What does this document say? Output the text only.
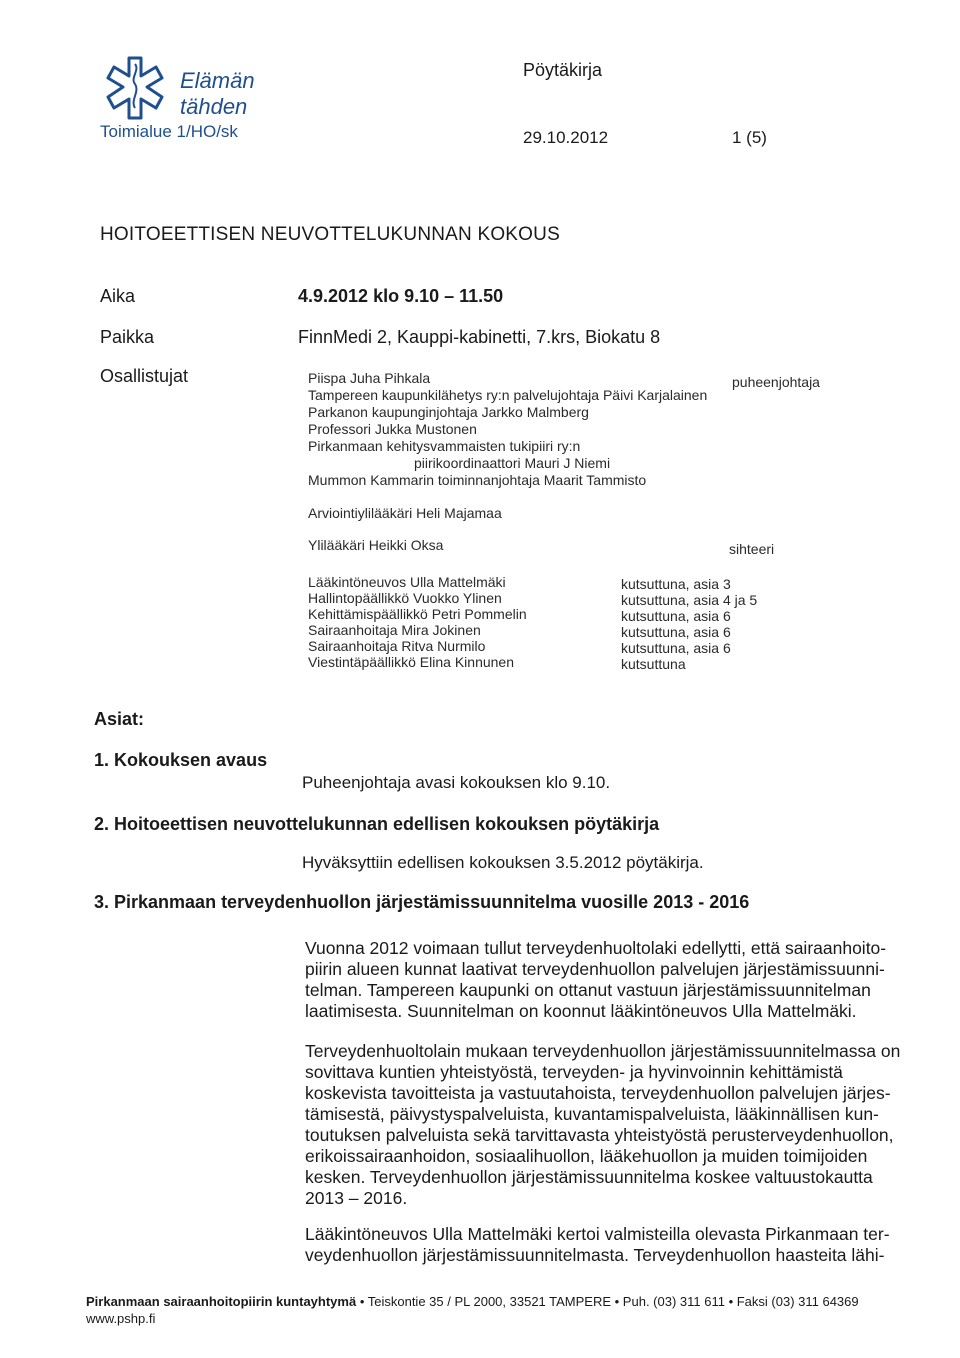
Elämän
tähden
Toimialue 1/HO/sk
Pöytäkirja
29.10.2012	1 (5)
HOITOEETTISEN NEUVOTTELUKUNNAN KOKOUS
Aika	4.9.2012 klo 9.10 – 11.50
Paikka	FinnMedi 2, Kauppi-kabinetti, 7.krs, Biokatu 8
Osallistujat	Piispa Juha Pihkala	puheenjohtaja
Tampereen kaupunkilähetys ry:n palvelujohtaja Päivi Karjalainen
Parkanon kaupunginjohtaja Jarkko Malmberg
Professori Jukka Mustonen
Pirkanmaan kehitysvammaisten tukipiiri ry:n
piirikoordinaattori Mauri J Niemi
Mummon Kammarin toiminnanjohtaja Maarit Tammisto
Arviointiylilääkäri Heli Majamaa
Ylilääkäri Heikki Oksa	sihteeri
Lääkintöneuvos Ulla Mattelmäki	kutsuttuna, asia 3
Hallintopäällikkö Vuokko Ylinen	kutsuttuna, asia 4 ja 5
Kehittämispäällikkö Petri Pommelin	kutsuttuna, asia 6
Sairaanhoitaja Mira Jokinen	kutsuttuna, asia 6
Sairaanhoitaja Ritva Nurmilo	kutsuttuna, asia 6
Viestintäpäällikkö Elina Kinnunen	kutsuttuna
Asiat:
1. Kokouksen avaus
Puheenjohtaja avasi kokouksen klo 9.10.
2. Hoitoeettisen neuvottelukunnan edellisen kokouksen pöytäkirja
Hyväksyttiin edellisen kokouksen 3.5.2012 pöytäkirja.
3. Pirkanmaan terveydenhuollon järjestämissuunnitelma vuosille 2013 - 2016
Vuonna 2012 voimaan tullut terveydenhuoltolaki edellytti, että sairaanhoito-piirin alueen kunnat laativat terveydenhuollon palvelujen järjestämissuunni-telman. Tampereen kaupunki on ottanut vastuun järjestämissuunnitelman laatimisesta. Suunnitelman on koonnut lääkintöneuvos Ulla Mattelmäki.
Terveydenhuoltolain mukaan terveydenhuollon järjestämissuunnitelmassa on sovittava kuntien yhteistyöstä, terveyden- ja hyvinvoinnin kehittämistä koskevista tavoitteista ja vastuutahoista, terveydenhuollon palvelujen järjes-tämisestä, päivystyspalveluista, kuvantamispalveluista, lääkinnällisen kun-toutuksen palveluista sekä tarvittavasta yhteistyöstä perusterveydenhuollon, erikoissairaanhoidon, sosiaalihuollon, lääkehuollon ja muiden toimijoiden kesken. Terveydenhuollon järjestämissuunnitelma koskee valtuustokautta 2013 – 2016.
Lääkintöneuvos Ulla Mattelmäki kertoi valmisteilla olevasta Pirkanmaan ter-veydenhuollon järjestämissuunnitelmasta. Terveydenhuollon haasteita lähi-
Pirkanmaan sairaanhoitopiirin kuntayhtymä • Teiskontie 35 / PL 2000, 33521 TAMPERE • Puh. (03) 311 611 • Faksi (03) 311 64369
www.pshp.fi
